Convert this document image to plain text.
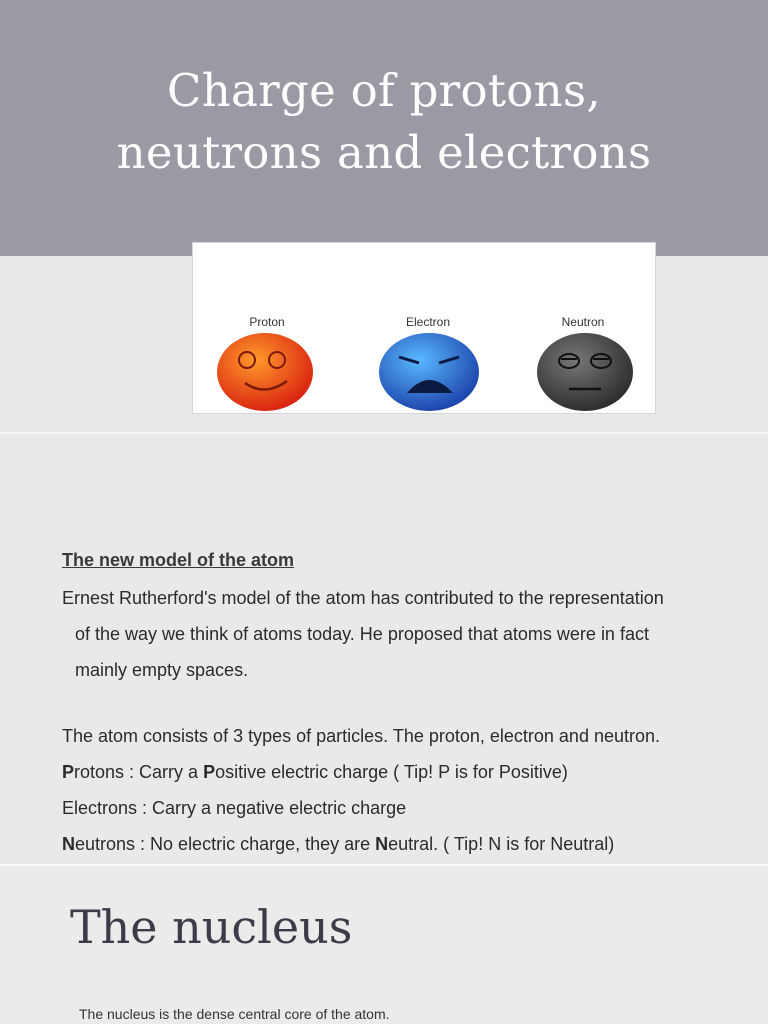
Charge of protons,
neutrons and electrons
Proton	Electron	Neutron
The new model of the atom
Ernest Rutherford's model of the atom has contributed to the representation
of the way we think of atoms today. He proposed that atoms were in fact
mainly empty spaces.
The atom consists of 3 types of particles. The proton, electron and neutron.
Protons : Carry a Positive electric charge ( Tip! P is for Positive)
Electrons : Carry a negative electric charge
Neutrons : No electric charge, they are Neutral. ( Tip! N is for Neutral)
The nucleus
The nucleus is the dense central core of the atom.
